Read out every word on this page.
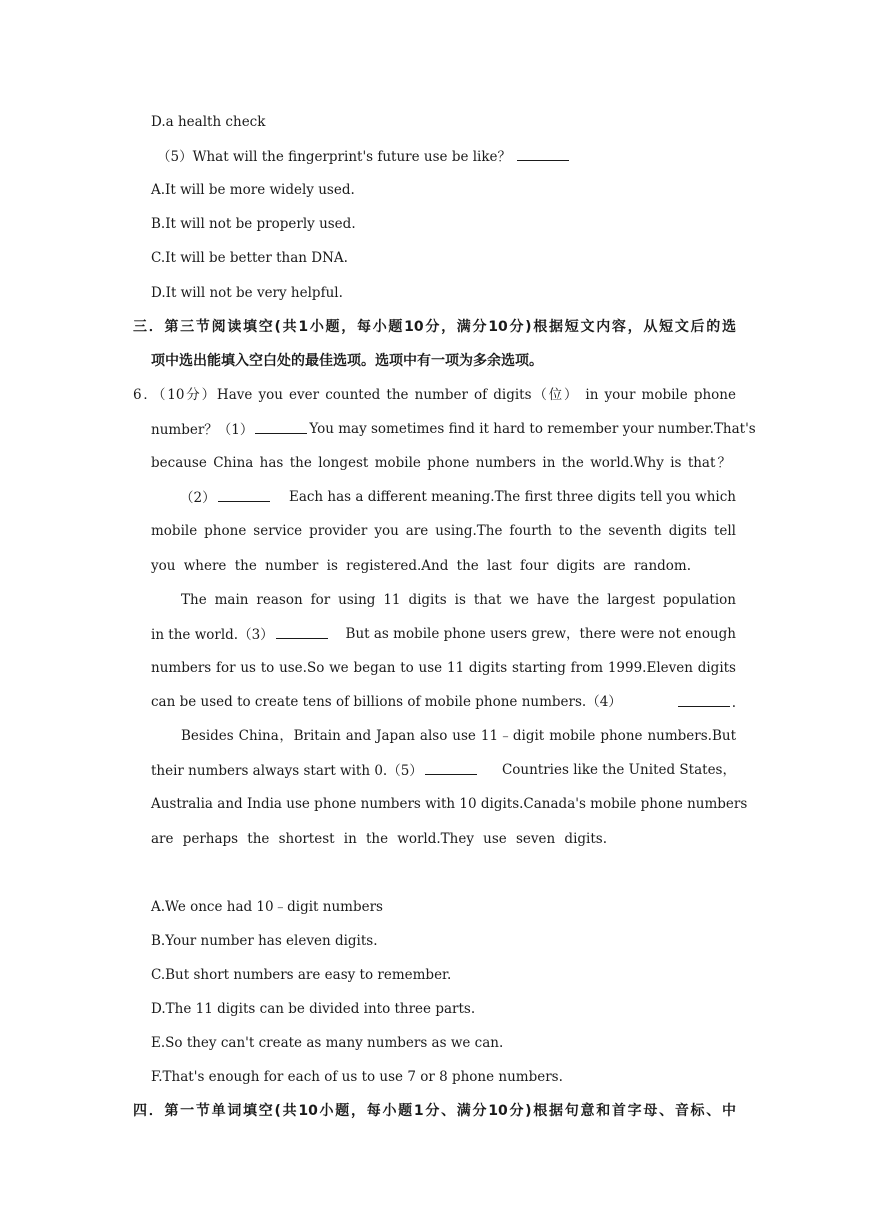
D.a health check
（5）What will the fingerprint's future use be like？
A.It will be more widely used.
B.It will not be properly used.
C.It will be better than DNA.
D.It will not be very helpful.
三．第三节阅读填空(共1小题，每小题10分，满分10分)根据短文内容，从短文后的选
项中选出能填入空白处的最佳选项。选项中有一项为多余选项。
6．（10分）Have you ever counted the number of digits（位） in your mobile phone
number？（1）	You may sometimes find it hard to remember your number.That's
because China has the longest mobile phone numbers in the world.Why is that？
（2）	Each has a different meaning.The first three digits tell you which
mobile phone service provider you are using.The fourth to the seventh digits tell
you where the number is registered.And the last four digits are random.
The main reason for using 11 digits is that we have the largest population
in the world.（3）	But as mobile phone users grew，there were not enough
numbers for us to use.So we began to use 11 digits starting from 1999.Eleven digits
can be used to create tens of billions of mobile phone numbers.（4）	.
Besides China，Britain and Japan also use 11﹣digit mobile phone numbers.But
their numbers always start with 0.（5）	Countries like the United States，
Australia and India use phone numbers with 10 digits.Canada's mobile phone numbers
are perhaps the shortest in the world.They use seven digits.
A.We once had 10﹣digit numbers
B.Your number has eleven digits.
C.But short numbers are easy to remember.
D.The 11 digits can be divided into three parts.
E.So they can't create as many numbers as we can.
F.That's enough for each of us to use 7 or 8 phone numbers.
四．第一节单词填空(共10小题，每小题1分、满分10分)根据句意和首字母、音标、中
